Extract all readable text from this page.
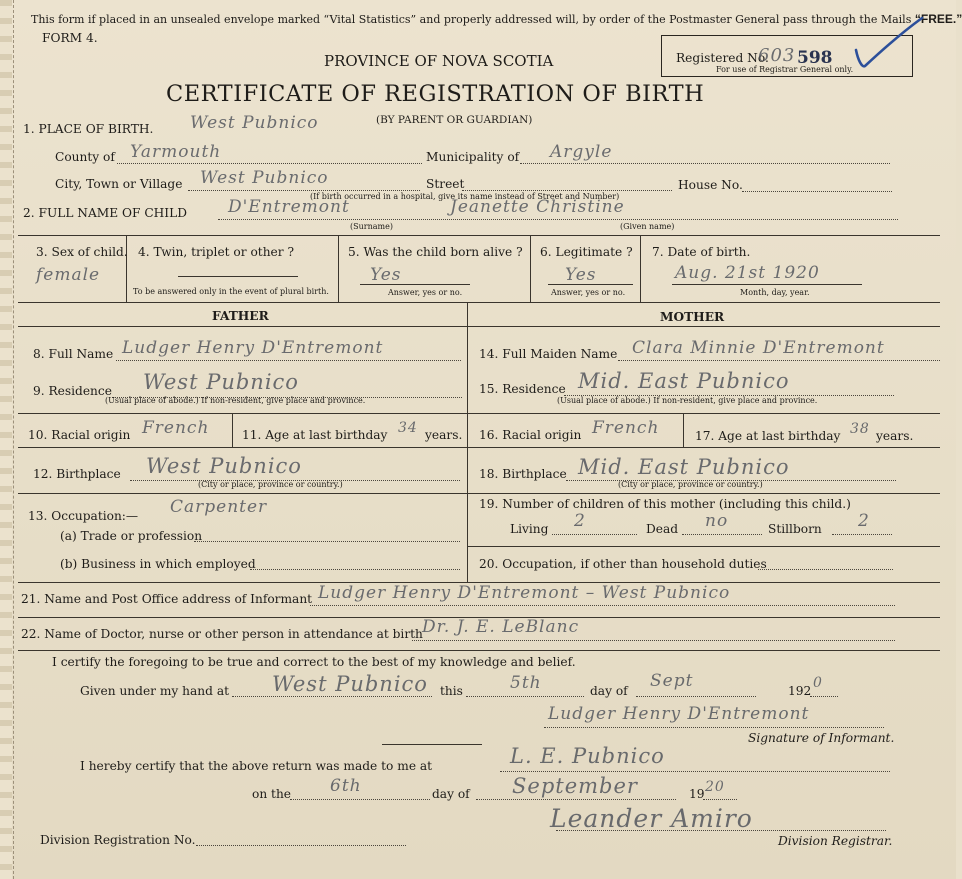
This form if placed in an unsealed envelope marked “Vital Statistics” and properly addressed will, by order of the Postmaster General pass through the Mails “FREE.”
FORM 4.
PROVINCE OF NOVA SCOTIA	Registered No.
603 598
For use of Registrar General only.
CERTIFICATE OF REGISTRATION OF BIRTH
(BY PARENT OR GUARDIAN)
1. PLACE OF BIRTH. West Pubnico
County of Yarmouth	Municipality of Argyle
City, Town or Village West Pubnico	Street
(If birth occurred in a hospital, give its name instead of Street and Number)
House No.
2. FULL NAME OF CHILD D'Entremont	Jeanette Christine
(Surname)	(Given name)
3. Sex of child.
female
4. Twin, triplet or other ?
To be answered only in the event of plural birth.
5. Was the child born alive ?
Yes
Answer, yes or no.
6. Legitimate ?
Yes
Answer, yes or no.
7. Date of birth.
Aug. 21st 1920
Month, day, year.
FATHER	MOTHER
8. Full Name Ludger Henry D'Entremont
9. Residence West Pubnico
(Usual place of abode.) If non-resident, give place and province.
10. Racial origin French	11. Age at last birthday 34 years.
12. Birthplace West Pubnico
(City or place, province or country.)
13. Occupation:— Carpenter
(a) Trade or profession
(b) Business in which employed
14. Full Maiden Name Clara Minnie D'Entremont
15. Residence Mid. East Pubnico
(Usual place of abode.) If non-resident, give place and province.
16. Racial origin French	17. Age at last birthday 38 years.
18. Birthplace Mid. East Pubnico
(City or place, province or country.)
19. Number of children of this mother (including this child.)
Living 2	Dead no	Stillborn 2
20. Occupation, if other than household duties
21. Name and Post Office address of Informant Ludger Henry D'Entremont – West Pubnico
22. Name of Doctor, nurse or other person in attendance at birth Dr. J. E. LeBlanc
I certify the foregoing to be true and correct to the best of my knowledge and belief.
Given under my hand at West Pubnico this	5th	day of Sept	192 0
Ludger Henry D'Entremont
Signature of Informant.
I hereby certify that the above return was made to me at	L. E. Pubnico
on the 6th	day of September	19 20
Leander Amiro
Division Registration No.	Division Registrar.
